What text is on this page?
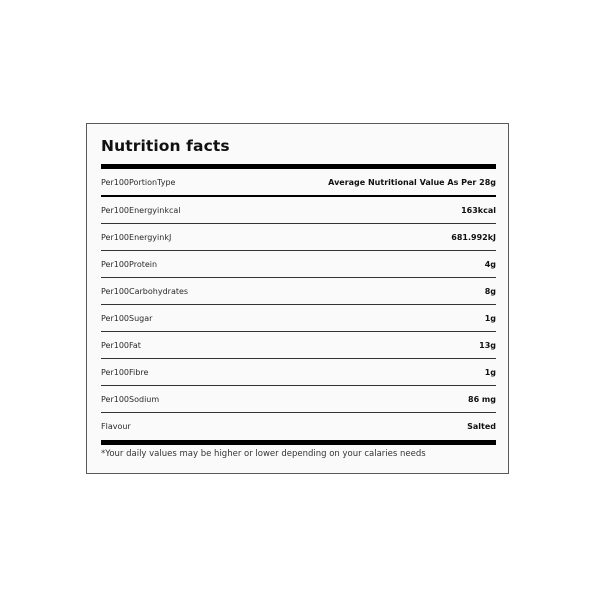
Nutrition facts
Per100PortionType	Average Nutritional Value As Per 28g
Per100Energyinkcal	163kcal
Per100EnergyinkJ	681.992kJ
Per100Protein	4g
Per100Carbohydrates	8g
Per100Sugar	1g
Per100Fat	13g
Per100Fibre	1g
Per100Sodium	86 mg
Flavour	Salted
*Your daily values may be higher or lower depending on your calaries needs
